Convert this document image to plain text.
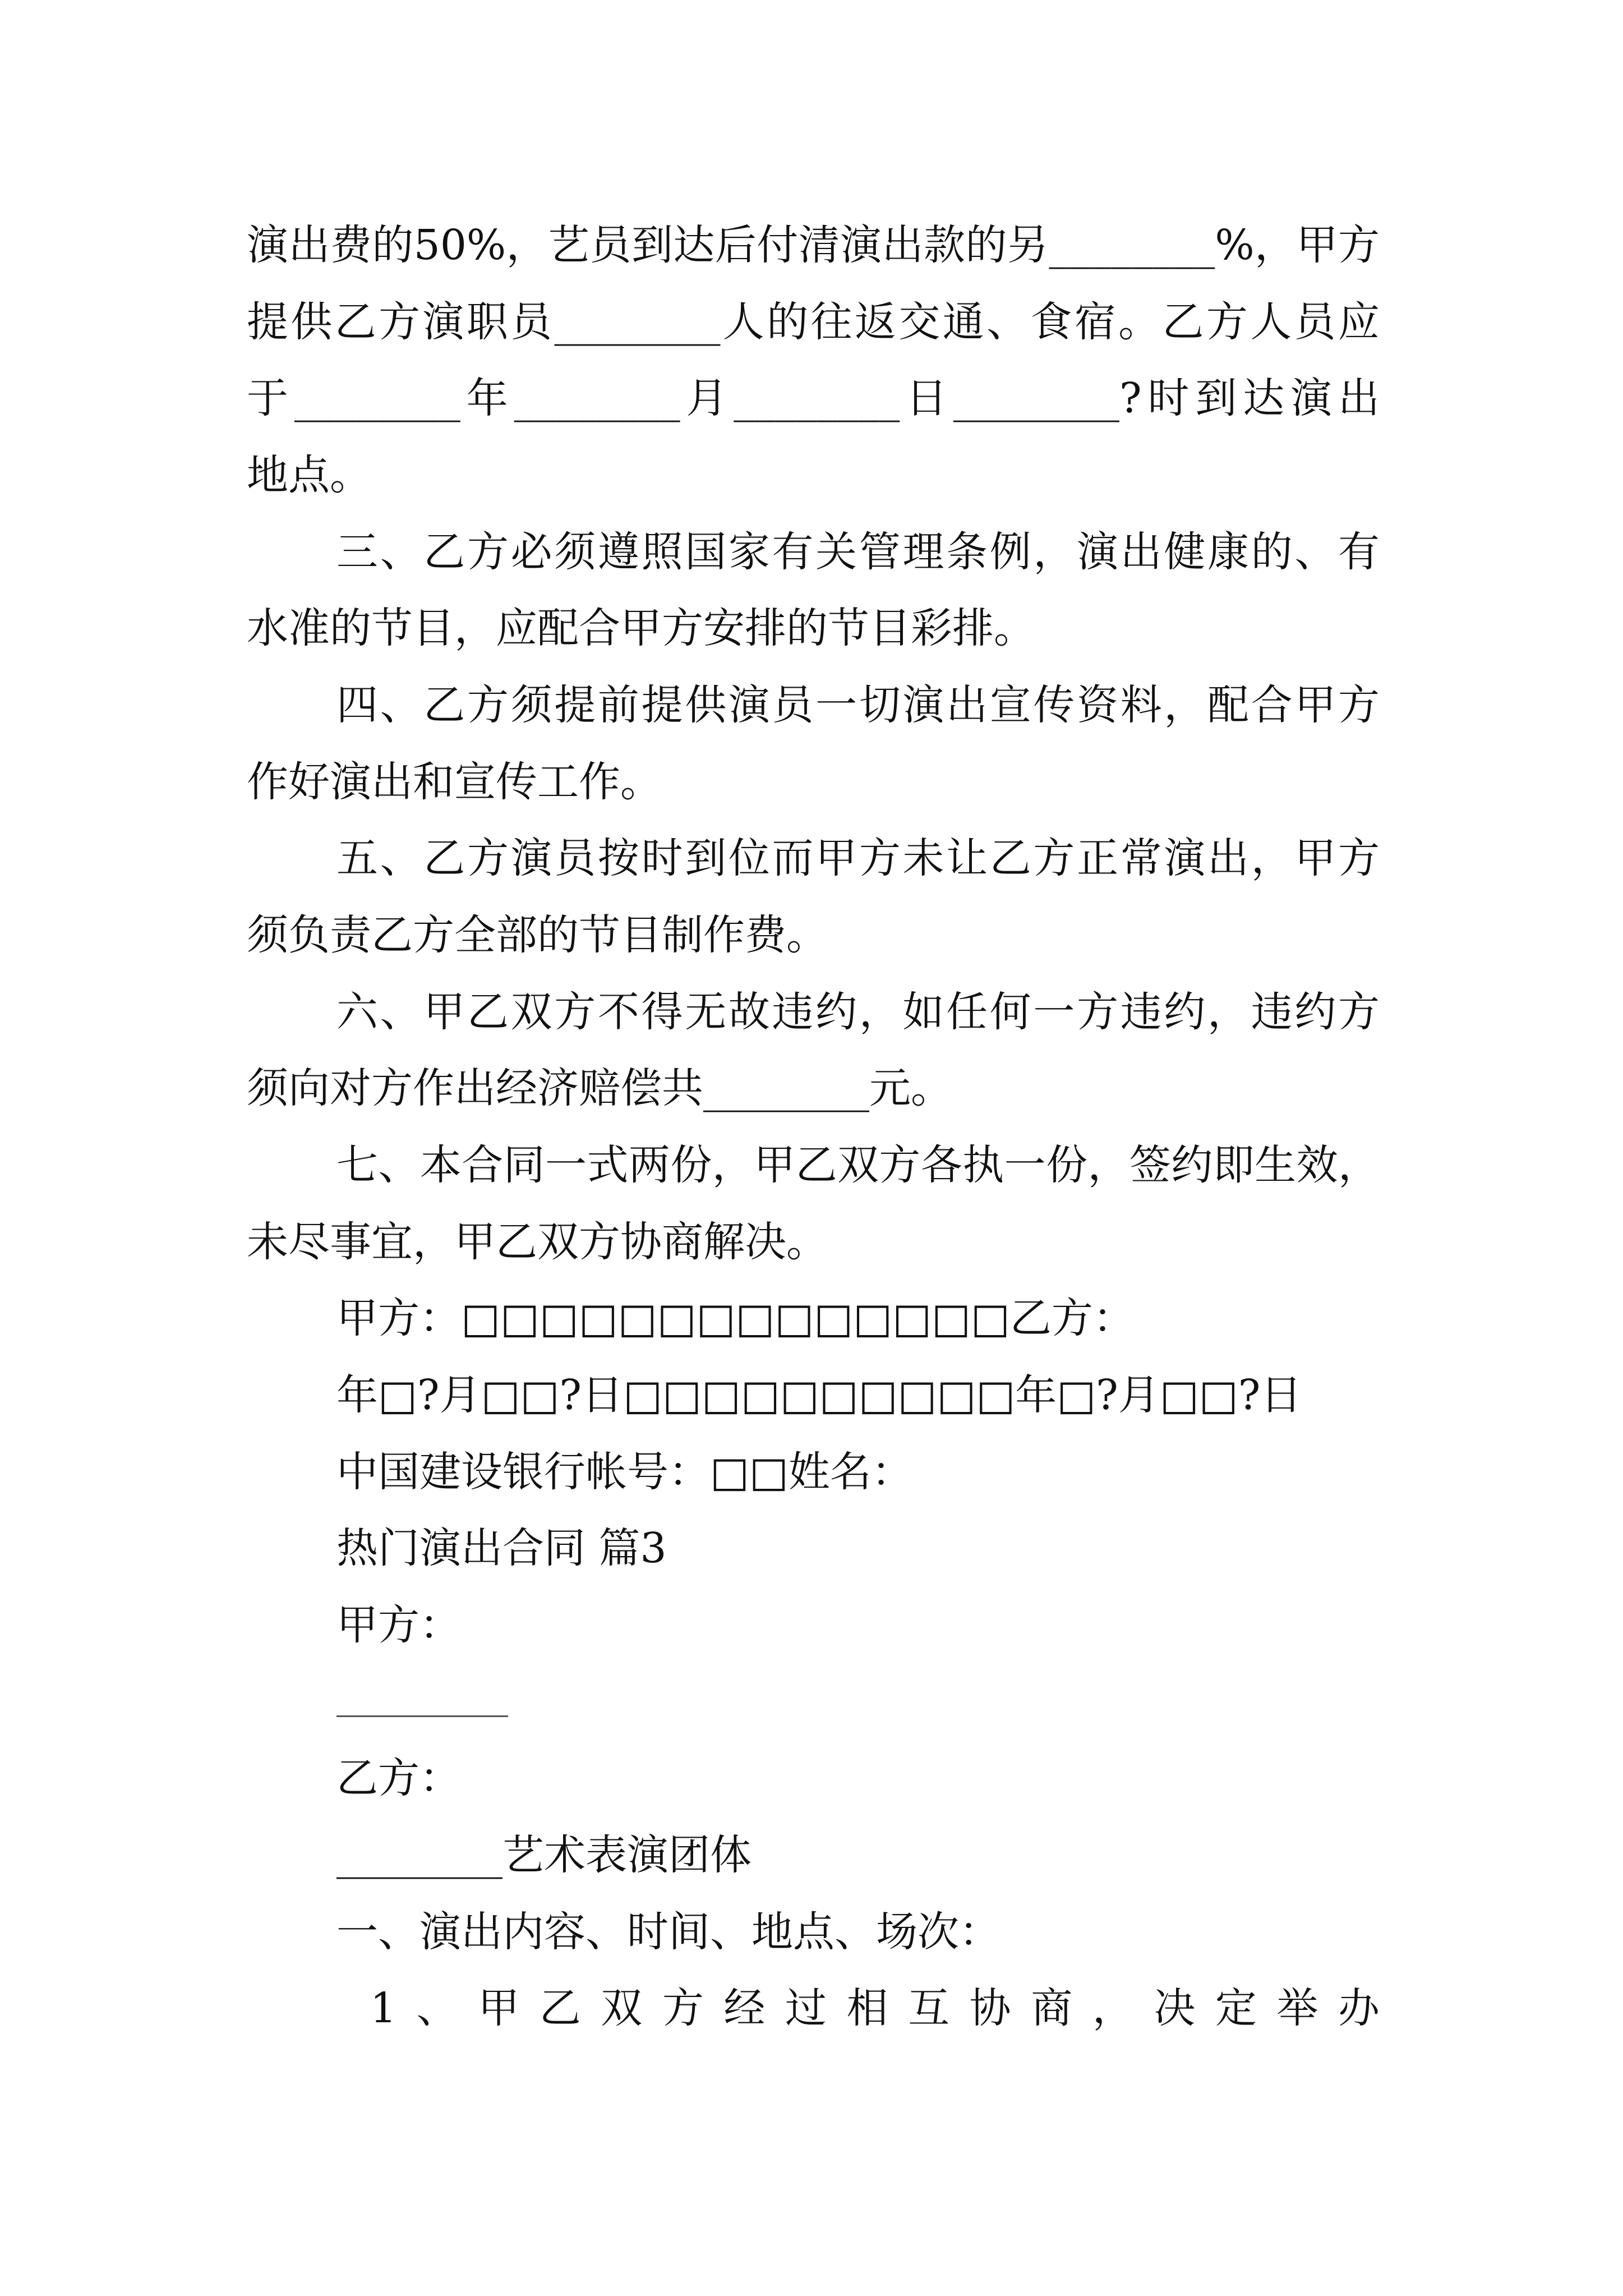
演出费的50%，艺员到达后付清演出款的另________%，甲方
提供乙方演职员________人的往返交通、食宿。乙方人员应
于________年________月________日________?时到达演出
地点。
三、乙方必须遵照国家有关管理条例，演出健康的、有
水准的节目，应配合甲方安排的节目彩排。
四、乙方须提前提供演员一切演出宣传资料，配合甲方
作好演出和宣传工作。
五、乙方演员按时到位而甲方未让乙方正常演出，甲方
须负责乙方全部的节目制作费。
六、甲乙双方不得无故违约，如任何一方违约，违约方
须向对方作出经济赔偿共________元。
七、本合同一式两份，甲乙双方各执一份，签约即生效，
未尽事宜，甲乙双方协商解决。
甲方：□□□□□□□□□□□□□□乙方：
年□?月□□?日□□□□□□□□□□年□?月□□?日
中国建设银行帐号：□□姓名：
热门演出合同 篇3
甲方：
乙方：
________艺术表演团体
一、演出内容、时间、地点、场次：
1、甲乙双方经过相互协商，决定举办
